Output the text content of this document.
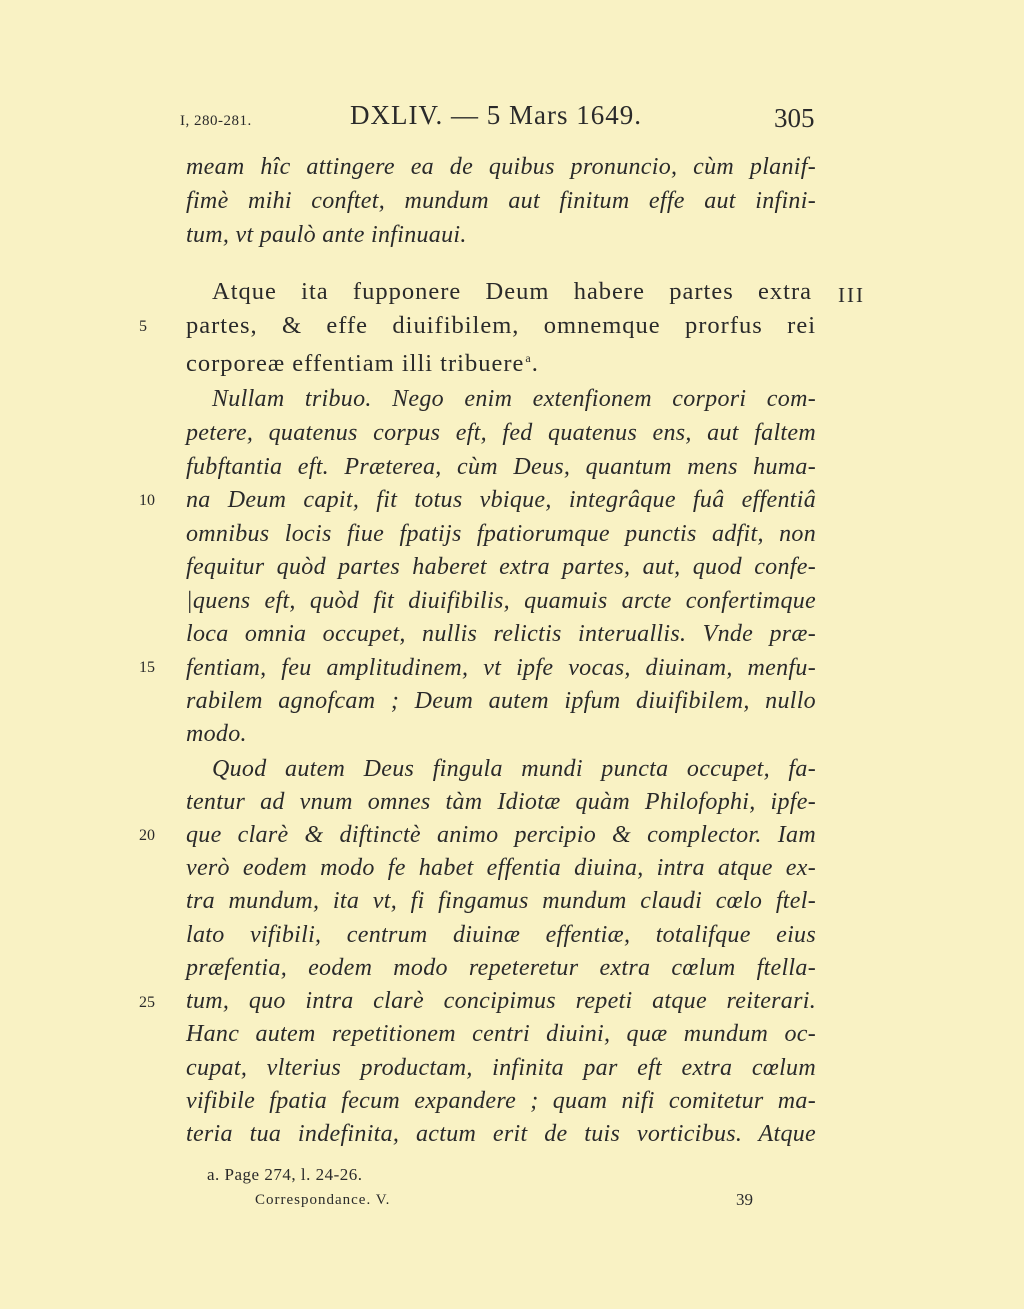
I, 280-281.	DXLIV. — 5 Mars 1649.	305
III
meam hîc attingere ea de quibus pronuncio, cùm planif-
fimè mihi conftet, mundum aut finitum effe aut infini-
tum, vt paulò ante infinuaui.
Atque ita fupponere Deum habere partes extra
partes, & effe diuifibilem, omnemque prorfus rei
corporeæ effentiam illi tribuere$^a$.
Nullam tribuo. Nego enim extenfionem corpori com-
petere, quatenus corpus eft, fed quatenus ens, aut faltem
fubftantia eft. Præterea, cùm Deus, quantum mens huma-
na Deum capit, fit totus vbique, integrâque fuâ effentiâ
omnibus locis fiue fpatijs fpatiorumque punctis adfit, non
fequitur quòd partes haberet extra partes, aut, quod confe-
|quens eft, quòd fit diuifibilis, quamuis arcte confertimque
loca omnia occupet, nullis relictis interuallis. Vnde præ-
fentiam, feu amplitudinem, vt ipfe vocas, diuinam, menfu-
rabilem agnofcam ; Deum autem ipfum diuifibilem, nullo
modo.
Quod autem Deus fingula mundi puncta occupet, fa-
tentur ad vnum omnes tàm Idiotæ quàm Philofophi, ipfe-
que clarè & diftinctè animo percipio & complector. Iam
verò eodem modo fe habet effentia diuina, intra atque ex-
tra mundum, ita vt, fi fingamus mundum claudi cœlo ftel-
lato vifibili, centrum diuinæ effentiæ, totalifque eius
præfentia, eodem modo repeteretur extra cœlum ftella-
tum, quo intra clarè concipimus repeti atque reiterari.
Hanc autem repetitionem centri diuini, quæ mundum oc-
cupat, vlterius productam, infinita par eft extra cœlum
vifibile fpatia fecum expandere ; quam nifi comitetur ma-
teria tua indefinita, actum erit de tuis vorticibus. Atque
5
10
15
20
25
a. Page 274, l. 24-26.
Correspondance. V.	39
